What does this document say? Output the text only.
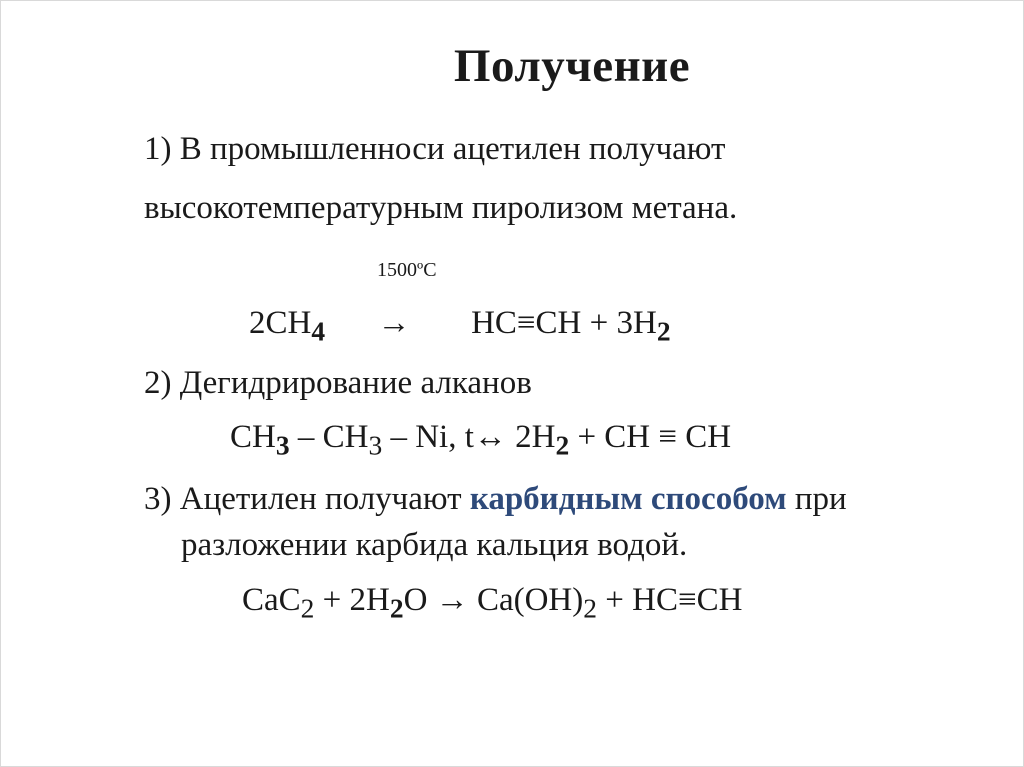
Получение
1) В промышленноси ацетилен получают
высокотемпературным пиролизом метана.
1500ºC
$2CH_4 \to HC\equiv CH + 3H_2$
2) Дегидрирование алканов
$CH_3 - CH_3$ – Ni, t↔ $2H_2$ + CH ≡ CH
3) Ацетилен получают карбидным способом при
разложении карбида кальция водой.
$CaC_2 + 2H_2O \to Ca(OH)_2 + HC\equiv CH$
